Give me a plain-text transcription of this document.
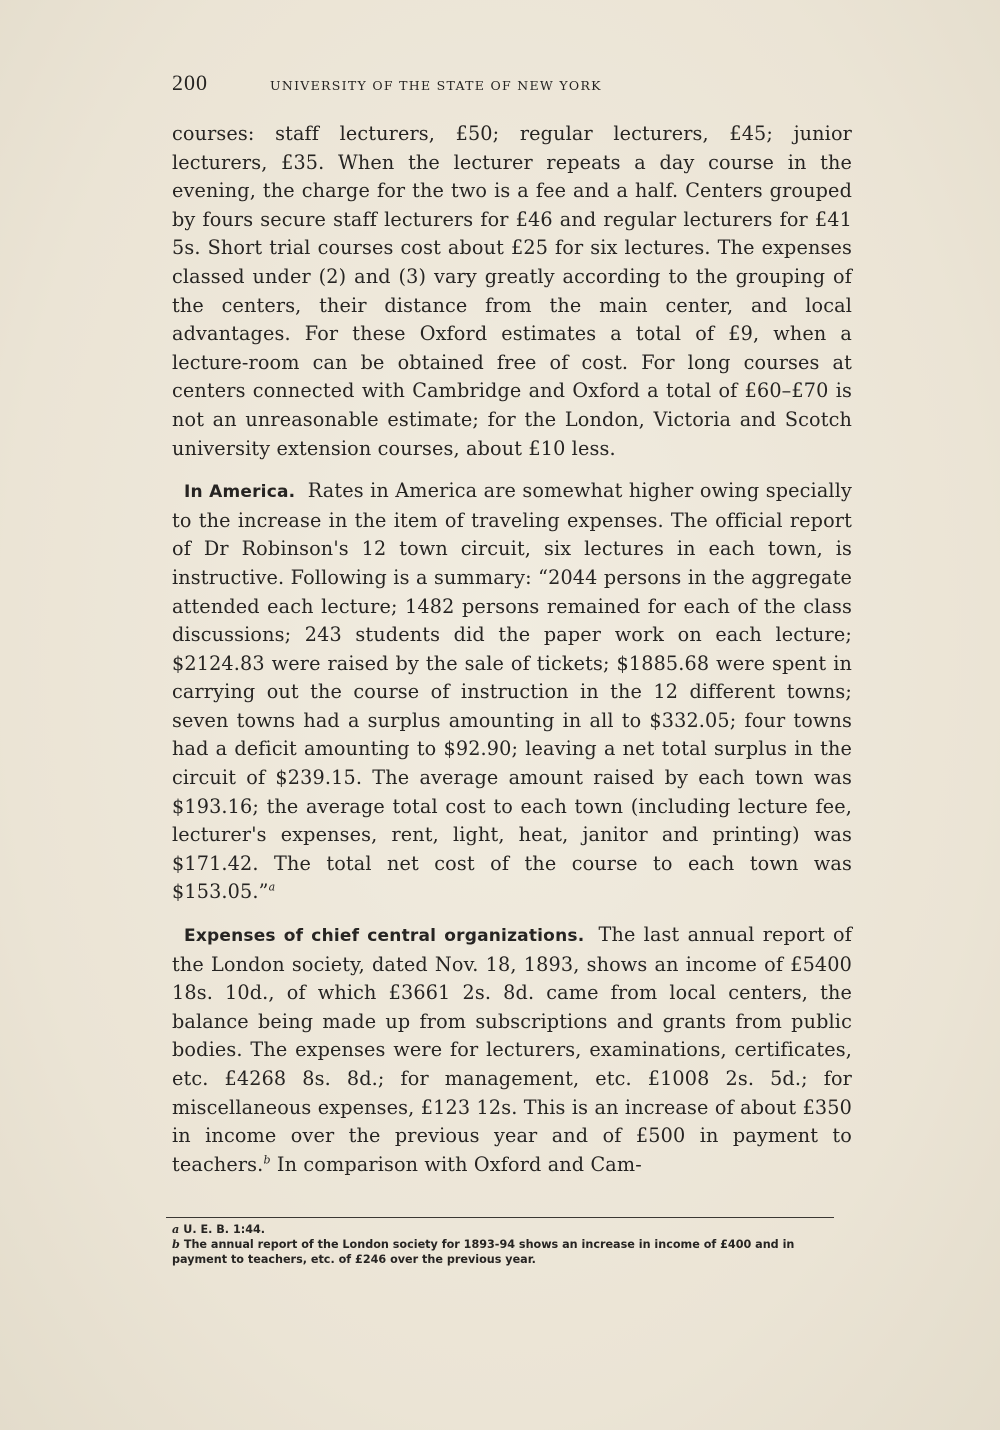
200	UNIVERSITY OF THE STATE OF NEW YORK

courses: staff lecturers, £50; regular lecturers, £45; junior lecturers, £35. When the lecturer repeats a day course in the evening, the charge for the two is a fee and a half. Centers grouped by fours secure staff lecturers for £46 and regular lecturers for £41 5s. Short trial courses cost about £25 for six lectures. The expenses classed under (2) and (3) vary greatly according to the grouping of the centers, their distance from the main center, and local advantages. For these Oxford estimates a total of £9, when a lecture-room can be obtained free of cost. For long courses at centers connected with Cambridge and Oxford a total of £60–£70 is not an unreasonable estimate; for the London, Victoria and Scotch university extension courses, about £10 less.

In America. Rates in America are somewhat higher owing specially to the increase in the item of traveling expenses. The official report of Dr Robinson's 12 town circuit, six lectures in each town, is instructive. Following is a summary: “2044 persons in the aggregate attended each lecture; 1482 persons remained for each of the class discussions; 243 students did the paper work on each lecture; $2124.83 were raised by the sale of tickets; $1885.68 were spent in carrying out the course of instruction in the 12 different towns; seven towns had a surplus amounting in all to $332.05; four towns had a deficit amounting to $92.90; leaving a net total surplus in the circuit of $239.15. The average amount raised by each town was $193.16; the average total cost to each town (including lecture fee, lecturer's expenses, rent, light, heat, janitor and printing) was $171.42. The total net cost of the course to each town was $153.05.”$^a$

Expenses of chief central organizations. The last annual report of the London society, dated Nov. 18, 1893, shows an income of £5400 18s. 10d., of which £3661 2s. 8d. came from local centers, the balance being made up from subscriptions and grants from public bodies. The expenses were for lecturers, examinations, certificates, etc. £4268 8s. 8d.; for management, etc. £1008 2s. 5d.; for miscellaneous expenses, £123 12s. This is an increase of about £350 in income over the previous year and of £500 in payment to teachers.$^b$ In comparison with Oxford and Cam-

a U. E. B. 1:44.

b The annual report of the London society for 1893-94 shows an increase in income of £400 and in payment to teachers, etc. of £246 over the previous year.
